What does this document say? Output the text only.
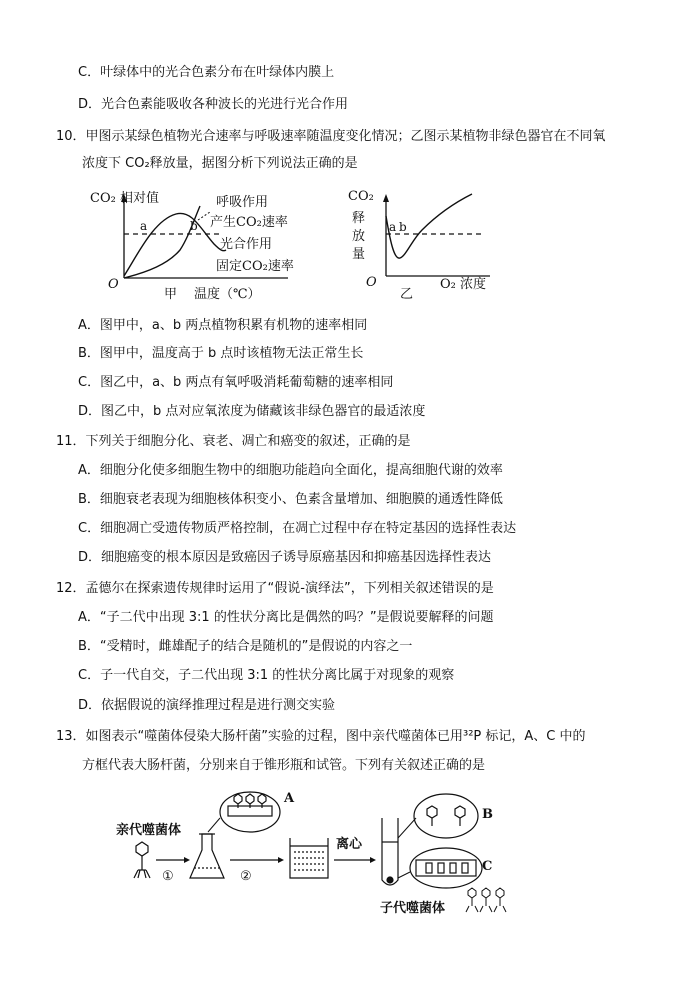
C．叶绿体中的光合色素分布在叶绿体内膜上
D．光合色素能吸收各种波长的光进行光合作用
10．甲图示某绿色植物光合速率与呼吸速率随温度变化情况；乙图示某植物非绿色器官在不同氧
浓度下 CO₂释放量，据图分析下列说法正确的是
CO₂ 相对值
a	b
呼吸作用
产生CO₂速率
光合作用
固定CO₂速率
O
甲 温度（℃）
CO₂
释
放
量
a b
O
乙
O₂ 浓度
A．图甲中，a、b 两点植物积累有机物的速率相同
B．图甲中，温度高于 b 点时该植物无法正常生长
C．图乙中，a、b 两点有氧呼吸消耗葡萄糖的速率相同
D．图乙中，b 点对应氧浓度为储藏该非绿色器官的最适浓度
11．下列关于细胞分化、衰老、凋亡和癌变的叙述，正确的是
A．细胞分化使多细胞生物中的细胞功能趋向全面化，提高细胞代谢的效率
B．细胞衰老表现为细胞核体积变小、色素含量增加、细胞膜的通透性降低
C．细胞凋亡受遗传物质严格控制，在凋亡过程中存在特定基因的选择性表达
D．细胞癌变的根本原因是致癌因子诱导原癌基因和抑癌基因选择性表达
12．孟德尔在探索遗传规律时运用了“假说-演绎法”，下列相关叙述错误的是
A．“子二代中出现 3:1 的性状分离比是偶然的吗？”是假说要解释的问题
B．“受精时，雌雄配子的结合是随机的”是假说的内容之一
C．子一代自交，子二代出现 3:1 的性状分离比属于对现象的观察
D．依据假说的演绎推理过程是进行测交实验
13．如图表示“噬菌体侵染大肠杆菌”实验的过程，图中亲代噬菌体已用³²P 标记，A、C 中的
方框代表大肠杆菌，分别来自于锥形瓶和试管。下列有关叙述正确的是
亲代噬菌体
①
A
②
离心
B
C
子代噬菌体
